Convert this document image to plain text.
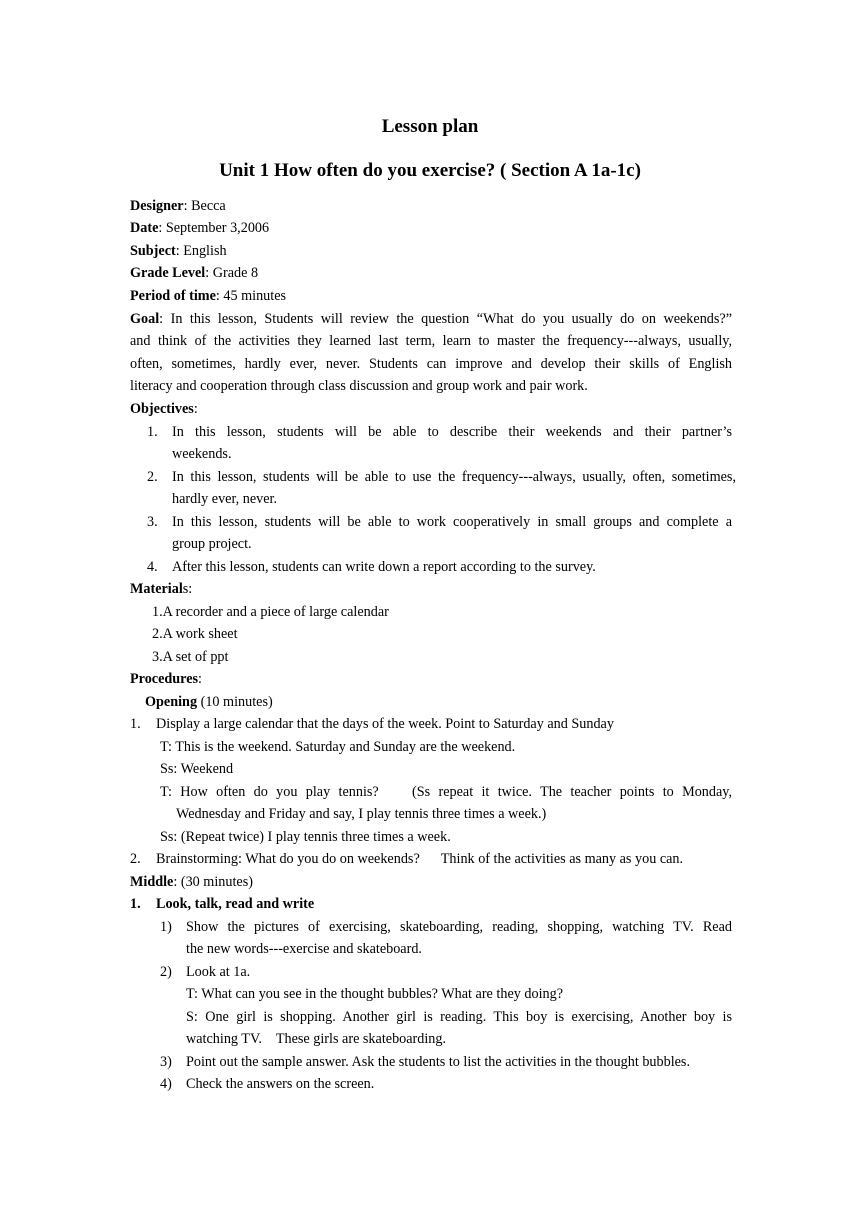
Lesson plan
Unit 1 How often do you exercise? ( Section A 1a-1c)
Designer: Becca
Date: September 3,2006
Subject: English
Grade Level: Grade 8
Period of time: 45 minutes
Goal: In this lesson, Students will review the question “What do you usually do on weekends?”
and think of the activities they learned last term, learn to master the frequency---always, usually,
often, sometimes, hardly ever, never. Students can improve and develop their skills of English
literacy and cooperation through class discussion and group work and pair work.
Objectives:
1. In this lesson, students will be able to describe their weekends and their partner’s
weekends.
2. In this lesson, students will be able to use the frequency---always, usually, often, sometimes,
hardly ever, never.
3. In this lesson, students will be able to work cooperatively in small groups and complete a
group project.
4. After this lesson, students can write down a report according to the survey.
Materials:
1.A recorder and a piece of large calendar
2.A work sheet
3.A set of ppt
Procedures:
Opening (10 minutes)
1. Display a large calendar that the days of the week. Point to Saturday and Sunday
T: This is the weekend. Saturday and Sunday are the weekend.
Ss: Weekend
T: How often do you play tennis?    (Ss repeat it twice. The teacher points to Monday,
Wednesday and Friday and say, I play tennis three times a week.)
Ss: (Repeat twice) I play tennis three times a week.
2. Brainstorming: What do you do on weekends?      Think of the activities as many as you can.
Middle: (30 minutes)
1. Look, talk, read and write
1) Show the pictures of exercising, skateboarding, reading, shopping, watching TV. Read
the new words---exercise and skateboard.
2) Look at 1a.
T: What can you see in the thought bubbles? What are they doing?
S: One girl is shopping. Another girl is reading. This boy is exercising, Another boy is
watching TV.    These girls are skateboarding.
3) Point out the sample answer. Ask the students to list the activities in the thought bubbles.
4) Check the answers on the screen.
